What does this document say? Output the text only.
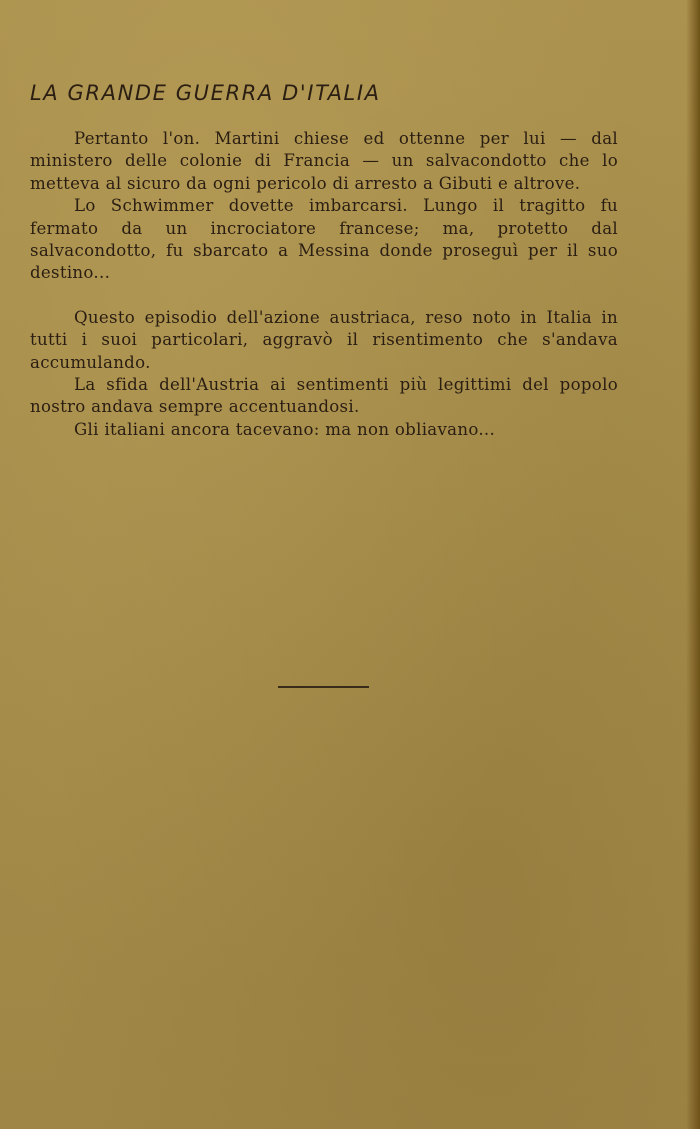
LA GRANDE GUERRA D'ITALIA

Pertanto l'on. Martini chiese ed ottenne per lui — dal ministero delle colonie di Francia — un salvacondotto che lo metteva al sicuro da ogni pericolo di arresto a Gibuti e altrove.

Lo Schwimmer dovette imbarcarsi. Lungo il tragitto fu fermato da un incrociatore francese; ma, protetto dal salvacondotto, fu sbarcato a Messina donde proseguì per il suo destino...

Questo episodio dell'azione austriaca, reso noto in Italia in tutti i suoi particolari, aggravò il risentimento che s'andava accumulando.

La sfida dell'Austria ai sentimenti più legittimi del popolo nostro andava sempre accentuandosi.

Gli italiani ancora tacevano: ma non obliavano...
